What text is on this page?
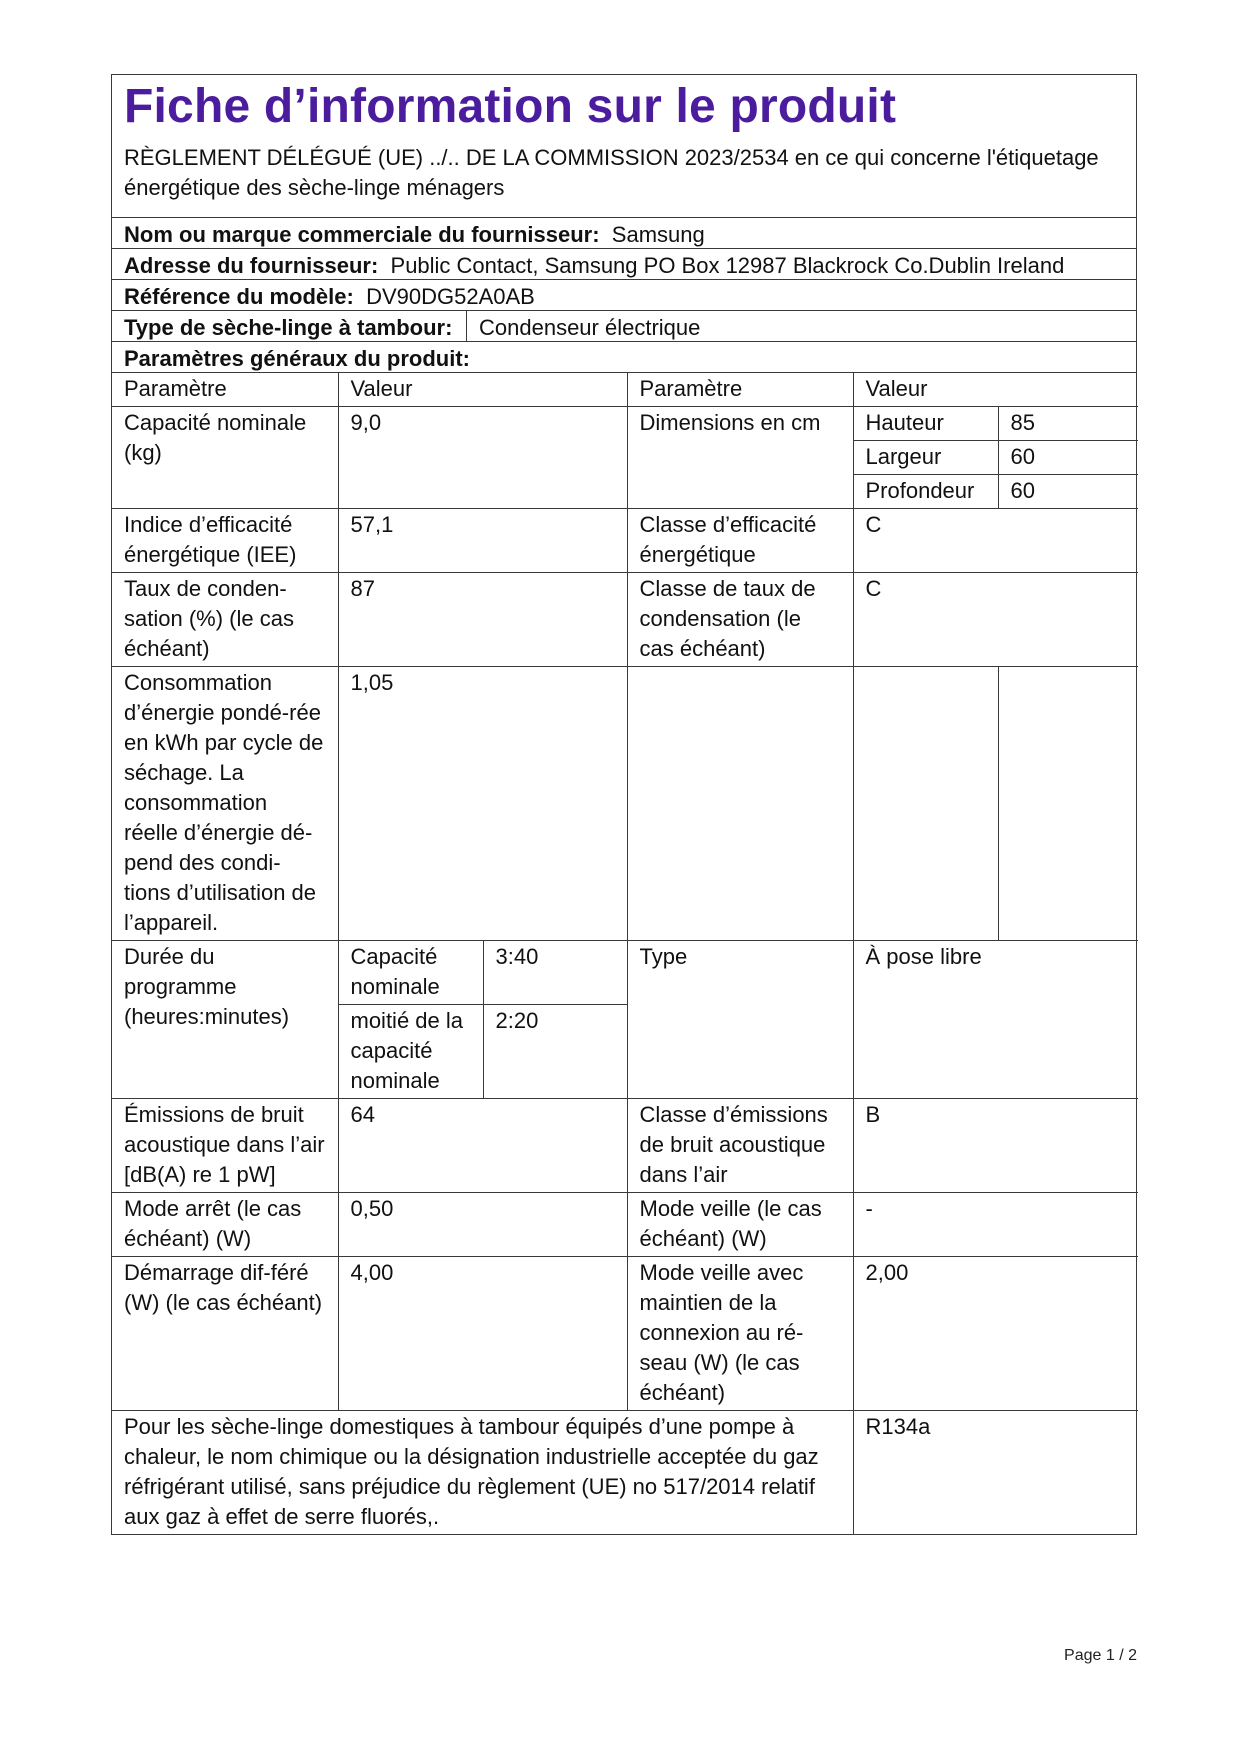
Fiche d’information sur le produit
RÈGLEMENT DÉLÉGUÉ (UE) ../.. DE LA COMMISSION 2023/2534 en ce qui concerne l'étiquetage énergétique des sèche-linge ménagers
Nom ou marque commerciale du fournisseur: Samsung
Adresse du fournisseur: Public Contact, Samsung PO Box 12987 Blackrock Co.Dublin Ireland
Référence du modèle: DV90DG52A0AB
Type de sèche-linge à tambour:	Condenseur électrique
Paramètres généraux du produit:
Paramètre	Valeur		Paramètre	Valeur	
Capacité nominale (kg)	9,0		Dimensions en cm	Hauteur	85
				Largeur	60
				Profondeur	60
Indice d’efficacité énergétique (IEE)	57,1		Classe d’efficacité énergétique	C	
Taux de conden-sation (%) (le cas échéant)	87		Classe de taux de condensation (le cas échéant)	C	
Consommation d’énergie pondé-rée en kWh par cycle de séchage. La consommation réelle d’énergie dé-pend des condi-tions d’utilisation de l’appareil.	1,05				
Durée du programme (heures:minutes)	Capacité nominale	3:40	Type	À pose libre	
	moitié de la capacité nominale	2:20			
Émissions de bruit acoustique dans l’air [dB(A) re 1 pW]	64		Classe d’émissions de bruit acoustique dans l’air	B	
Mode arrêt (le cas échéant) (W)	0,50		Mode veille (le cas échéant) (W)	-	
Démarrage dif-féré (W) (le cas échéant)	4,00		Mode veille avec maintien de la connexion au ré-seau (W) (le cas échéant)	2,00	
Pour les sèche-linge domestiques à tambour équipés d’une pompe à chaleur, le nom chimique ou la désignation industrielle acceptée du gaz réfrigérant utilisé, sans préjudice du règlement (UE) no 517/2014 relatif aux gaz à effet de serre fluorés,.				R134a	
Page 1 / 2
